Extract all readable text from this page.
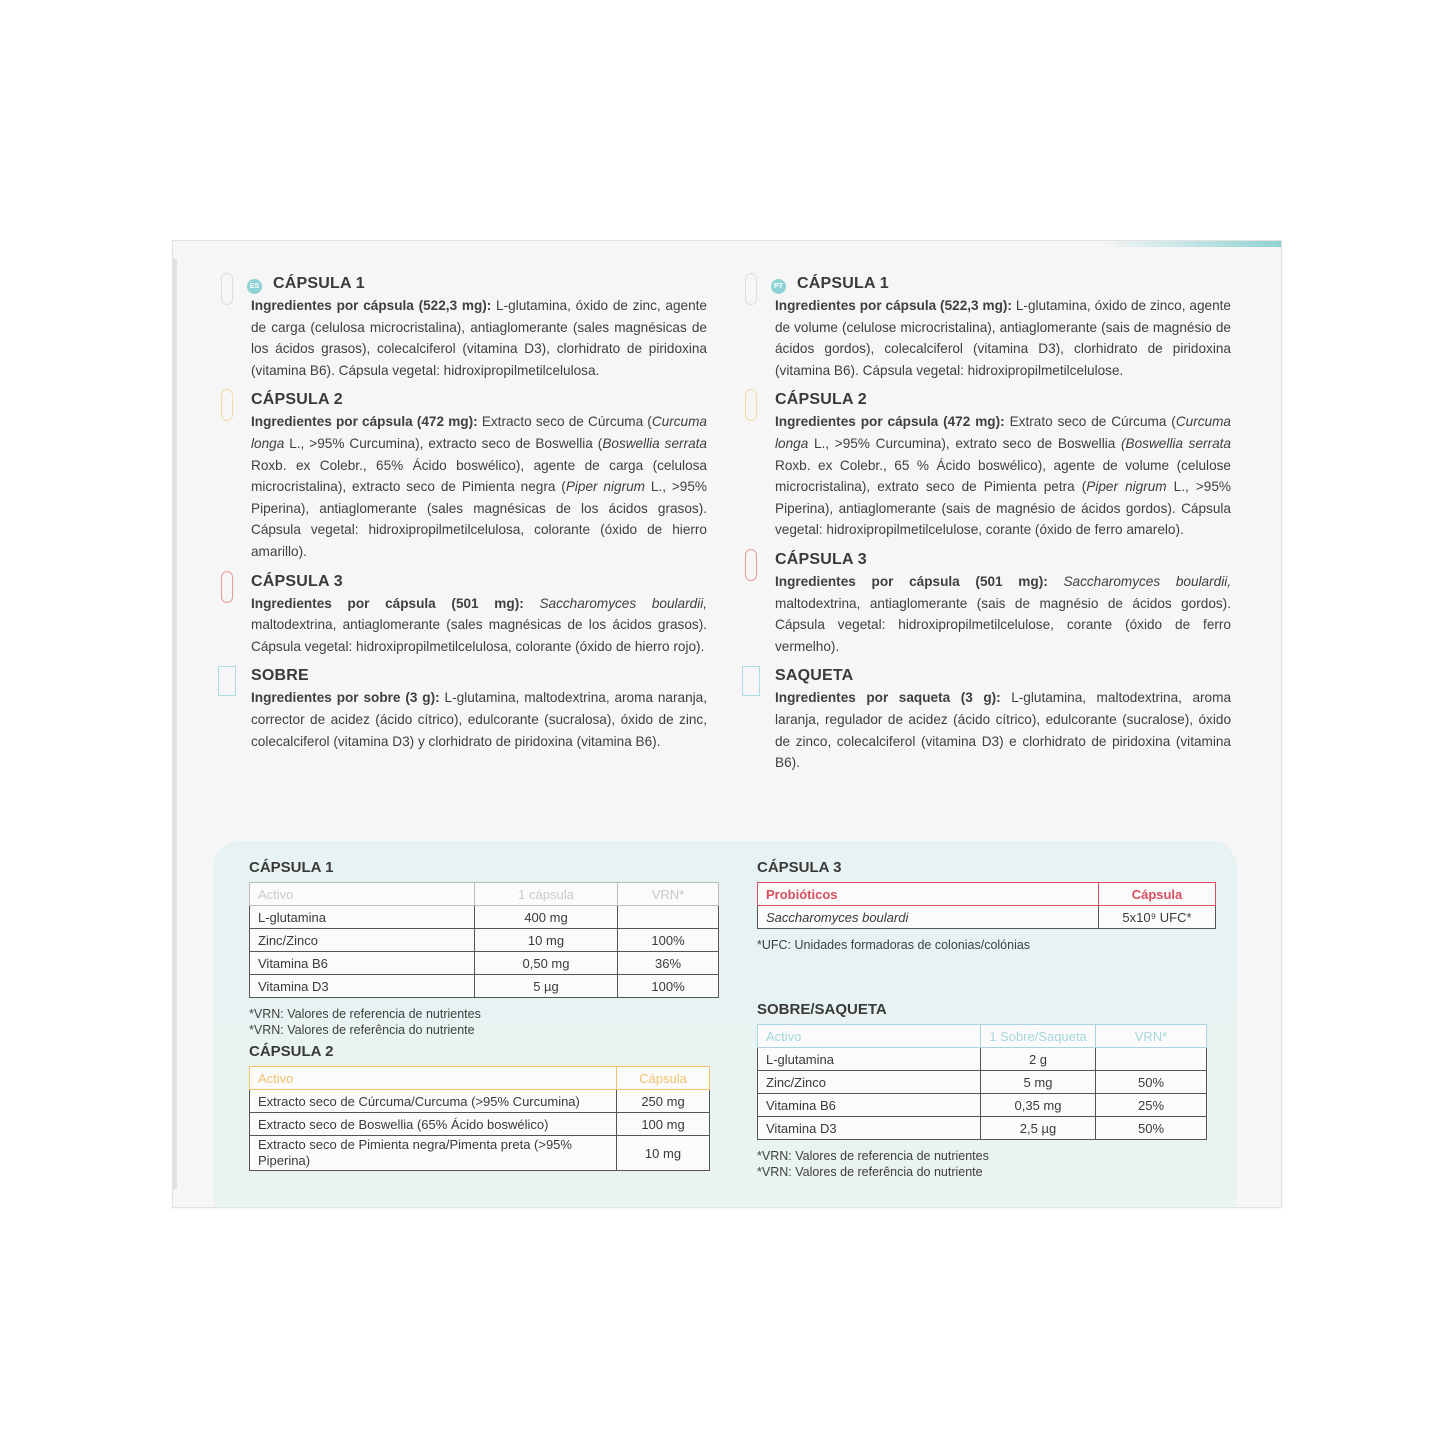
ES CÁPSULA 1

Ingredientes por cápsula (522,3 mg): L-glutamina, óxido de zinc, agente de carga (celulosa microcristalina), antiaglomerante (sales magnésicas de los ácidos grasos), colecalciferol (vitamina D3), clorhidrato de piridoxina (vitamina B6). Cápsula vegetal: hidroxipropilmetilcelulosa.

CÁPSULA 2

Ingredientes por cápsula (472 mg): Extracto seco de Cúrcuma (Curcuma longa L., >95% Curcumina), extracto seco de Boswellia (Boswellia serrata Roxb. ex Colebr., 65% Ácido boswélico), agente de carga (celulosa microcristalina), extracto seco de Pimienta negra (Piper nigrum L., >95% Piperina), antiaglomerante (sales magnésicas de los ácidos grasos). Cápsula vegetal: hidroxipropilmetilcelulosa, colorante (óxido de hierro amarillo).

CÁPSULA 3

Ingredientes por cápsula (501 mg): Saccharomyces boulardii, maltodextrina, antiaglomerante (sales magnésicas de los ácidos grasos). Cápsula vegetal: hidroxipropilmetilcelulosa, colorante (óxido de hierro rojo).

SOBRE

Ingredientes por sobre (3 g): L-glutamina, maltodextrina, aroma naranja, corrector de acidez (ácido cítrico), edulcorante (sucralosa), óxido de zinc, colecalciferol (vitamina D3) y clorhidrato de piridoxina (vitamina B6).

PT CÁPSULA 1

Ingredientes por cápsula (522,3 mg): L-glutamina, óxido de zinco, agente de volume (celulose microcristalina), antiaglomerante (sais de magnésio de ácidos gordos), colecalciferol (vitamina D3), clorhidrato de piridoxina (vitamina B6). Cápsula vegetal: hidroxipropilmetilcelulose.

CÁPSULA 2

Ingredientes por cápsula (472 mg): Extrato seco de Cúrcuma (Curcuma longa L., >95% Curcumina), extrato seco de Boswellia (Boswellia serrata Roxb. ex Colebr., 65 % Ácido boswélico), agente de volume (celulose microcristalina), extrato seco de Pimienta petra (Piper nigrum L., >95% Piperina), antiaglomerante (sais de magnésio de ácidos gordos). Cápsula vegetal: hidroxipropilmetilcelulose, corante (óxido de ferro amarelo).

CÁPSULA 3

Ingredientes por cápsula (501 mg): Saccharomyces boulardii, maltodextrina, antiaglomerante (sais de magnésio de ácidos gordos). Cápsula vegetal: hidroxipropilmetilcelulose, corante (óxido de ferro vermelho).

SAQUETA

Ingredientes por saqueta (3 g): L-glutamina, maltodextrina, aroma laranja, regulador de acidez (ácido cítrico), edulcorante (sucralose), óxido de zinco, colecalciferol (vitamina D3) e clorhidrato de piridoxina (vitamina B6).

CÁPSULA 1
Activo	1 cápsula	VRN*
L-glutamina	400 mg	
Zinc/Zinco	10 mg	100%
Vitamina B6	0,50 mg	36%
Vitamina D3	5 µg	100%
*VRN: Valores de referencia de nutrientes
*VRN: Valores de referência do nutriente
CÁPSULA 2
Activo	Cápsula
Extracto seco de Cúrcuma/Curcuma (>95% Curcumina)	250 mg
Extracto seco de Boswellia (65% Ácido boswélico)	100 mg
Extracto seco de Pimienta negra/Pimenta preta (>95% Piperina)	10 mg
CÁPSULA 3
Probióticos	Cápsula
Saccharomyces boulardi	5x10⁹ UFC*
*UFC: Unidades formadoras de colonias/colónias
SOBRE/SAQUETA
Activo	1 Sobre/Saqueta	VRN*
L-glutamina	2 g	
Zinc/Zinco	5 mg	50%
Vitamina B6	0,35 mg	25%
Vitamina D3	2,5 µg	50%
*VRN: Valores de referencia de nutrientes
*VRN: Valores de referência do nutriente
